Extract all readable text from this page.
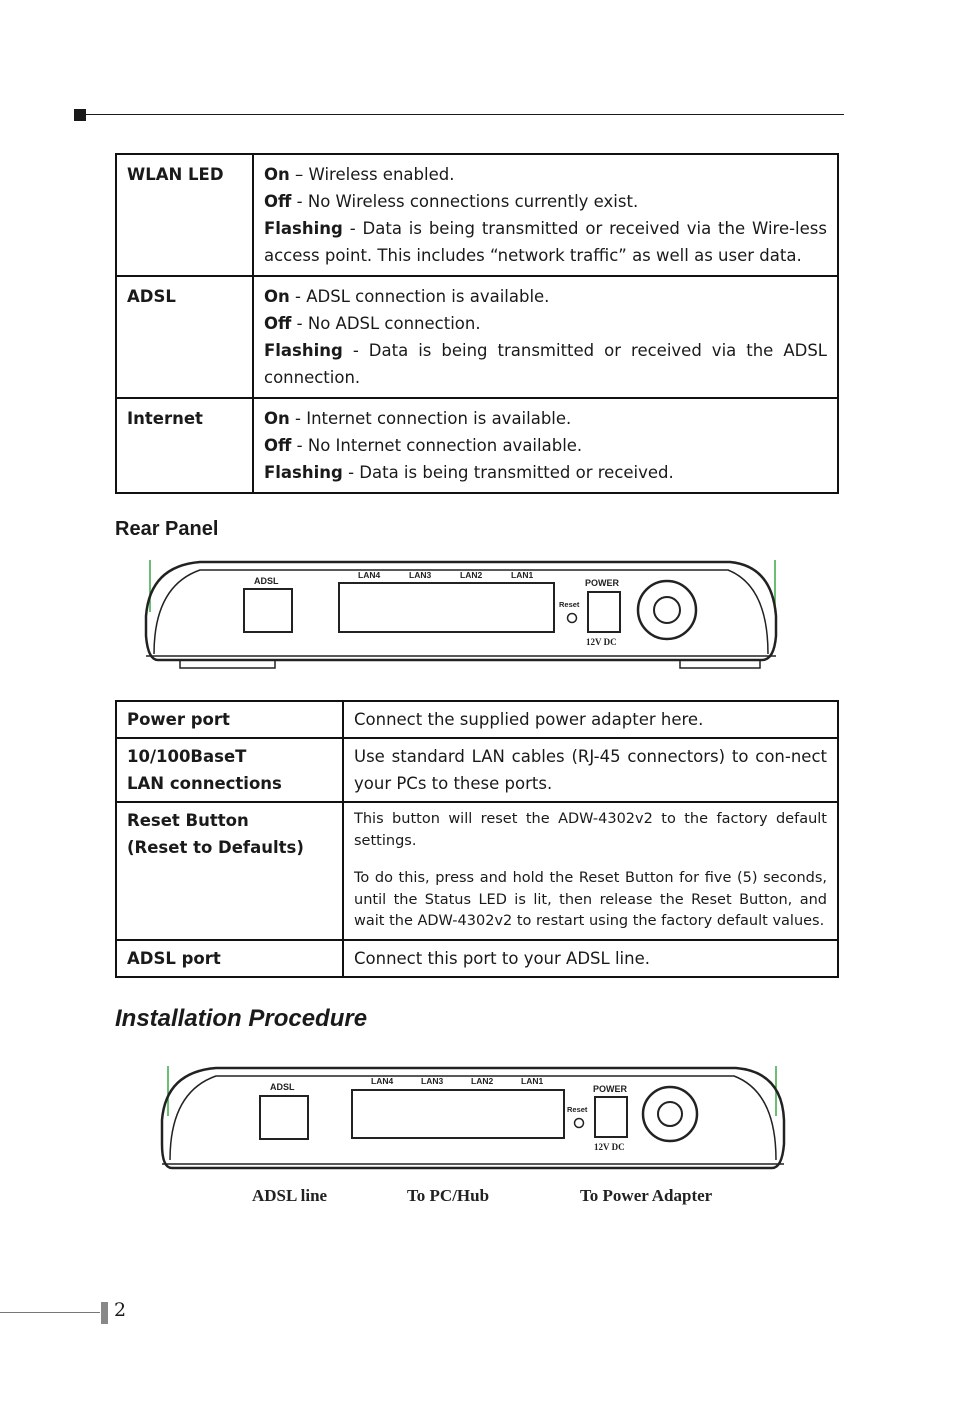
WLAN LED	On – Wireless enabled.
Off - No Wireless connections currently exist.
Flashing - Data is being transmitted or received via the Wire-less access point. This includes “network traffic” as well as user data.

ADSL	On - ADSL connection is available.
Off - No ADSL connection.
Flashing - Data is being transmitted or received via the ADSL connection.

Internet	On - Internet connection is available.
Off - No Internet connection available.
Flashing - Data is being transmitted or received.
Rear Panel
ADSL
LAN4	LAN3	LAN2	LAN1
Reset
POWER
12V DC
Power port	Connect the supplied power adapter here.

10/100BaseT
LAN connections	Use standard LAN cables (RJ-45 connectors) to con-nect your PCs to these ports.

Reset Button
(Reset to Defaults)	This button will reset the ADW-4302v2 to the factory default settings.
To do this, press and hold the Reset Button for five (5) seconds, until the Status LED is lit, then release the Reset Button, and wait the ADW-4302v2 to restart using the factory default values.

ADSL port	Connect this port to your ADSL line.
Installation Procedure
ADSL
LAN4	LAN3	LAN2	LAN1
Reset
POWER
12V DC
ADSL line	To PC/Hub	To Power Adapter
2
